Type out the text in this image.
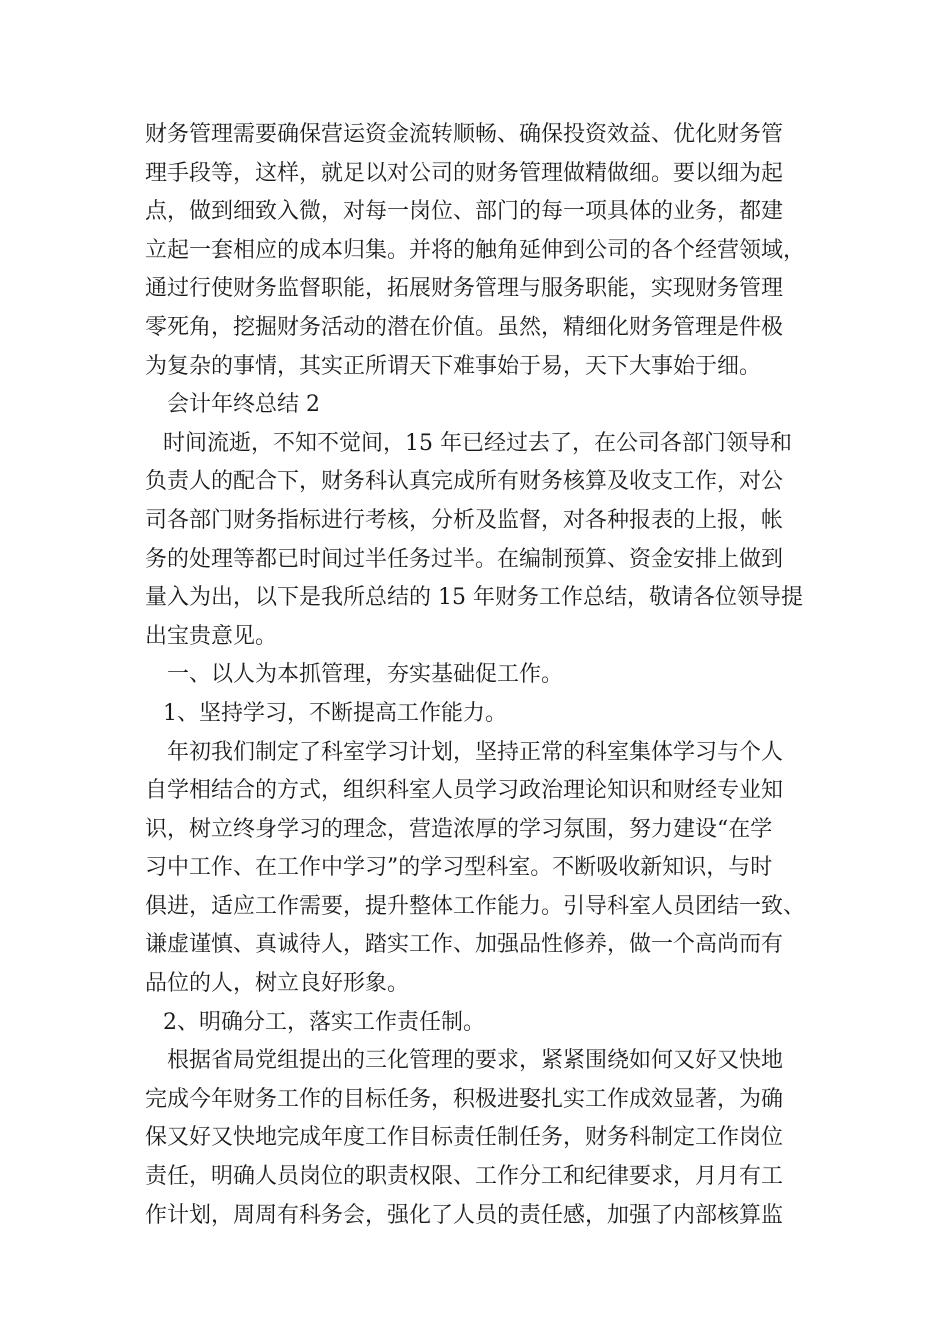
财务管理需要确保营运资金流转顺畅、确保投资效益、优化财务管
理手段等，这样，就足以对公司的财务管理做精做细。要以细为起
点，做到细致入微，对每一岗位、部门的每一项具体的业务，都建
立起一套相应的成本归集。并将的触角延伸到公司的各个经营领域，
通过行使财务监督职能，拓展财务管理与服务职能，实现财务管理
零死角，挖掘财务活动的潜在价值。虽然，精细化财务管理是件极
为复杂的事情，其实正所谓天下难事始于易，天下大事始于细。
会计年终总结 2
时间流逝，不知不觉间，15 年已经过去了，在公司各部门领导和
负责人的配合下，财务科认真完成所有财务核算及收支工作，对公
司各部门财务指标进行考核，分析及监督，对各种报表的上报，帐
务的处理等都已时间过半任务过半。在编制预算、资金安排上做到
量入为出，以下是我所总结的 15 年财务工作总结，敬请各位领导提
出宝贵意见。
一、以人为本抓管理，夯实基础促工作。
1、坚持学习，不断提高工作能力。
年初我们制定了科室学习计划，坚持正常的科室集体学习与个人
自学相结合的方式，组织科室人员学习政治理论知识和财经专业知
识，树立终身学习的理念，营造浓厚的学习氛围，努力建设“在学
习中工作、在工作中学习”的学习型科室。不断吸收新知识，与时
俱进，适应工作需要，提升整体工作能力。引导科室人员团结一致、
谦虚谨慎、真诚待人，踏实工作、加强品性修养，做一个高尚而有
品位的人，树立良好形象。
2、明确分工，落实工作责任制。
根据省局党组提出的三化管理的要求，紧紧围绕如何又好又快地
完成今年财务工作的目标任务，积极进娶扎实工作成效显著，为确
保又好又快地完成年度工作目标责任制任务，财务科制定工作岗位
责任，明确人员岗位的职责权限、工作分工和纪律要求，月月有工
作计划，周周有科务会，强化了人员的责任感，加强了内部核算监
